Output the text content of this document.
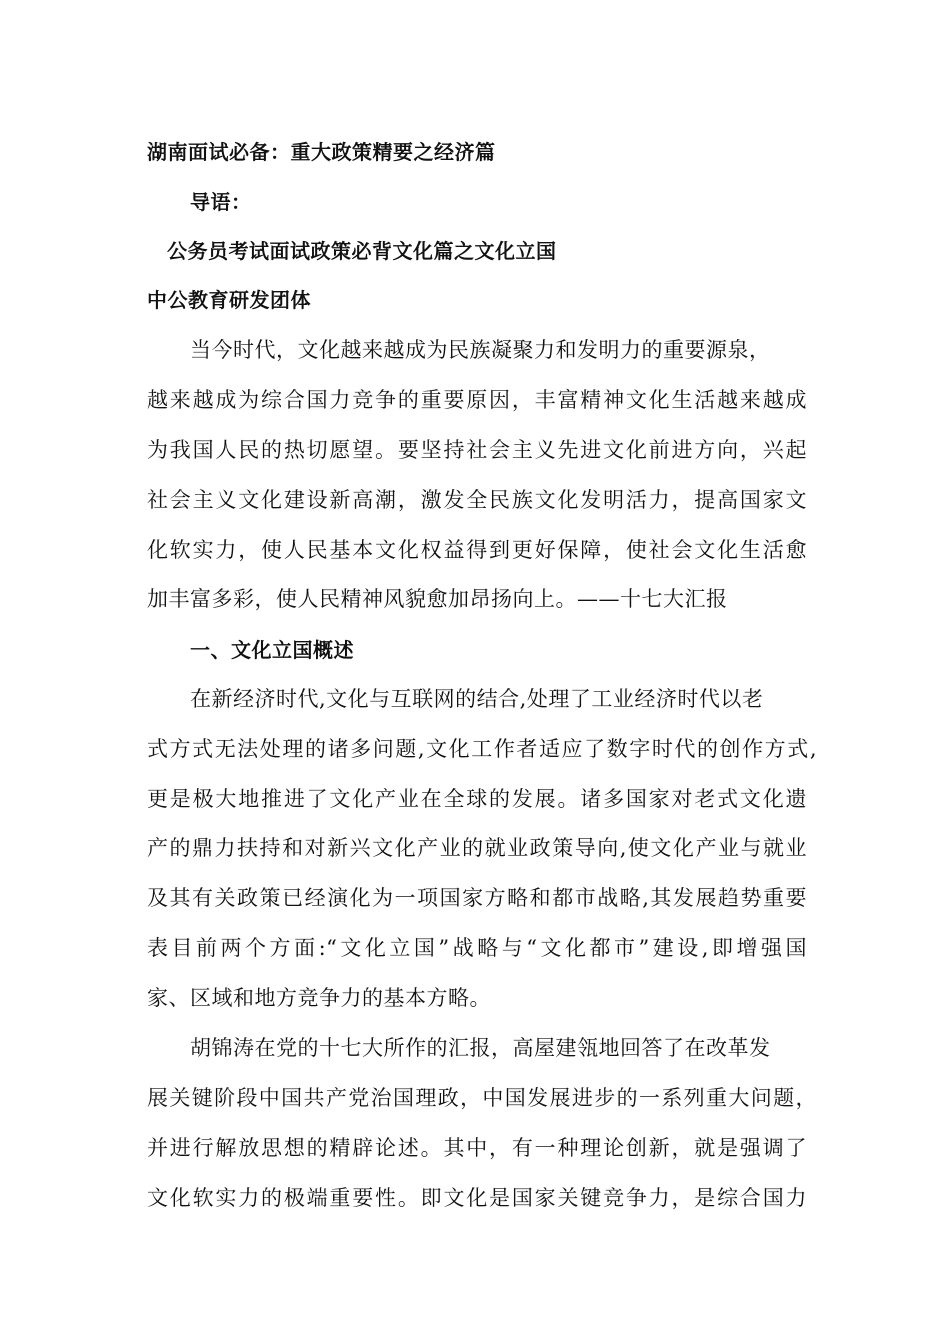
湖南面试必备：重大政策精要之经济篇
导语：
公务员考试面试政策必背文化篇之文化立国
中公教育研发团体
当今时代，文化越来越成为民族凝聚力和发明力的重要源泉，
越来越成为综合国力竞争的重要原因，丰富精神文化生活越来越成
为我国人民的热切愿望。要坚持社会主义先进文化前进方向，兴起
社会主义文化建设新高潮，激发全民族文化发明活力，提高国家文
化软实力，使人民基本文化权益得到更好保障，使社会文化生活愈
加丰富多彩，使人民精神风貌愈加昂扬向上。——十七大汇报
一、文化立国概述
在新经济时代,文化与互联网的结合,处理了工业经济时代以老
式方式无法处理的诸多问题,文化工作者适应了数字时代的创作方式,
更是极大地推进了文化产业在全球的发展。诸多国家对老式文化遗
产的鼎力扶持和对新兴文化产业的就业政策导向,使文化产业与就业
及其有关政策已经演化为一项国家方略和都市战略,其发展趋势重要
表目前两个方面:“文化立国”战略与“文化都市”建设,即增强国
家、区域和地方竞争力的基本方略。
胡锦涛在党的十七大所作的汇报，高屋建瓴地回答了在改革发
展关键阶段中国共产党治国理政，中国发展进步的一系列重大问题，
并进行解放思想的精辟论述。其中，有一种理论创新，就是强调了
文化软实力的极端重要性。即文化是国家关键竞争力，是综合国力
